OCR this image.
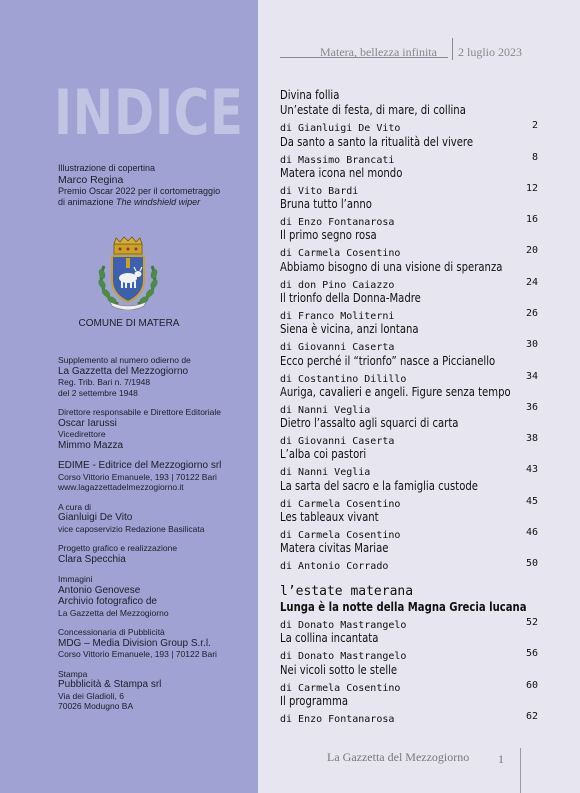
Matera, bellezza infinita 2 luglio 2023
INDICE
Illustrazione di copertina
Marco Regina
Premio Oscar 2022 per il cortometraggio
di animazione The windshield wiper
COMUNE DI MATERA
Supplemento al numero odierno de
La Gazzetta del Mezzogiorno
Reg. Trib. Bari n. 7/1948
del 2 settembre 1948
Direttore responsabile e Direttore Editoriale
Oscar Iarussi
Vicedirettore
Mimmo Mazza
EDIME - Editrice del Mezzogiorno srl
Corso Vittorio Emanuele, 193 | 70122 Bari
www.lagazzettadelmezzogiorno.it
A cura di
Gianluigi De Vito
vice caposervizio Redazione Basilicata
Progetto grafico e realizzazione
Clara Specchia
Immagini
Antonio Genovese
Archivio fotografico de
La Gazzetta del Mezzogiorno
Concessionaria di Pubblicità
MDG – Media Division Group S.r.l.
Corso Vittorio Emanuele, 193 | 70122 Bari
Stampa
Pubblicità & Stampa srl
Via dei Gladioli, 6
70026 Modugno BA
Divina follia
Un’estate di festa, di mare, di collina
di Gianluigi De Vito	2
Da santo a santo la ritualità del vivere
di Massimo Brancati	8
Matera icona nel mondo
di Vito Bardi	12
Bruna tutto l’anno
di Enzo Fontanarosa	16
Il primo segno rosa
di Carmela Cosentino	20
Abbiamo bisogno di una visione di speranza
di don Pino Caiazzo	24
Il trionfo della Donna-Madre
di Franco Moliterni	26
Siena è vicina, anzi lontana
di Giovanni Caserta	30
Ecco perché il “trionfo” nasce a Piccianello
di Costantino Dilillo	34
Auriga, cavalieri e angeli. Figure senza tempo
di Nanni Veglia	36
Dietro l’assalto agli squarci di carta
di Giovanni Caserta	38
L’alba coi pastori
di Nanni Veglia	43
La sarta del sacro e la famiglia custode
di Carmela Cosentino	45
Les tableaux vivant
di Carmela Cosentino	46
Matera civitas Mariae
di Antonio Corrado	50
l’estate materana
Lunga è la notte della Magna Grecia lucana
di Donato Mastrangelo	52
La collina incantata
di Donato Mastrangelo	56
Nei vicoli sotto le stelle
di Carmela Cosentino	60
Il programma
di Enzo Fontanarosa	62
La Gazzetta del Mezzogiorno 1
